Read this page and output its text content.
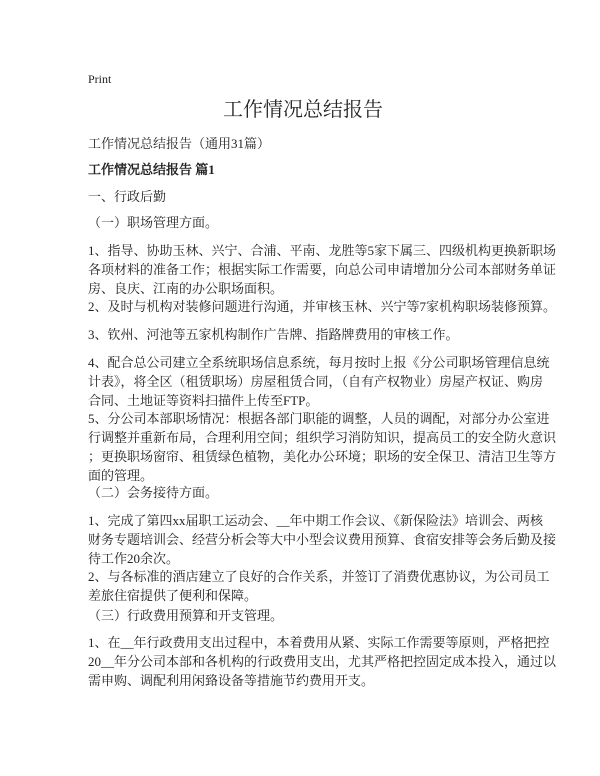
Print
工作情况总结报告
工作情况总结报告（通用31篇）
工作情况总结报告 篇1
一、行政后勤
（一）职场管理方面。
1、指导、协助玉林、兴宁、合浦、平南、龙胜等5家下属三、四级机构更换新职场
各项材料的准备工作；根据实际工作需要，向总公司申请增加分公司本部财务单证
房、良庆、江南的办公职场面积。
2、及时与机构对装修问题进行沟通，并审核玉林、兴宁等7家机构职场装修预算。
3、钦州、河池等五家机构制作广告牌、指路牌费用的审核工作。
4、配合总公司建立全系统职场信息系统，每月按时上报《分公司职场管理信息统
计表》，将全区（租赁职场）房屋租赁合同，（自有产权物业）房屋产权证、购房
合同、土地证等资料扫描件上传至FTP。
5、分公司本部职场情况：根据各部门职能的调整，人员的调配，对部分办公室进
行调整并重新布局，合理利用空间；组织学习消防知识，提高员工的安全防火意识
；更换职场窗帘、租赁绿色植物，美化办公环境；职场的安全保卫、清洁卫生等方
面的管理。
（二）会务接待方面。
1、完成了第四xx届职工运动会、__年中期工作会议、《新保险法》培训会、两核
财务专题培训会、经营分析会等大中小型会议费用预算、食宿安排等会务后勤及接
待工作20余次。
2、与各标准的酒店建立了良好的合作关系，并签订了消费优惠协议，为公司员工
差旅住宿提供了便利和保障。
（三）行政费用预算和开支管理。
1、在__年行政费用支出过程中，本着费用从紧、实际工作需要等原则，严格把控
20__年分公司本部和各机构的行政费用支出，尤其严格把控固定成本投入，通过以
需申购、调配利用闲臵设备等措施节约费用开支。
